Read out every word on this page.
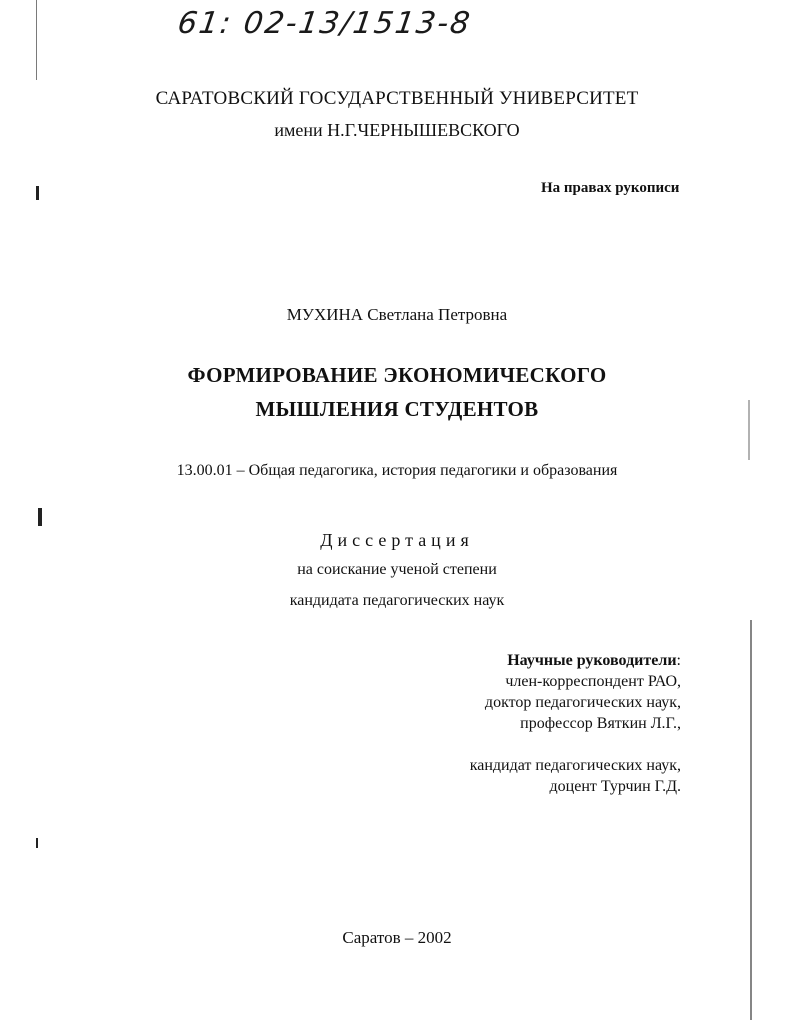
61: 02-13/1513-8
САРАТОВСКИЙ ГОСУДАРСТВЕННЫЙ УНИВЕРСИТЕТ
имени Н.Г.ЧЕРНЫШЕВСКОГО
На правах рукописи
МУХИНА Светлана Петровна
ФОРМИРОВАНИЕ ЭКОНОМИЧЕСКОГО
МЫШЛЕНИЯ СТУДЕНТОВ
13.00.01 – Общая педагогика, история педагогики и образования
Диссертация
на соискание ученой степени
кандидата педагогических наук
Научные руководители:
член-корреспондент РАО,
доктор педагогических наук,
профессор Вяткин Л.Г.,
кандидат педагогических наук,
доцент Турчин Г.Д.
Саратов – 2002
